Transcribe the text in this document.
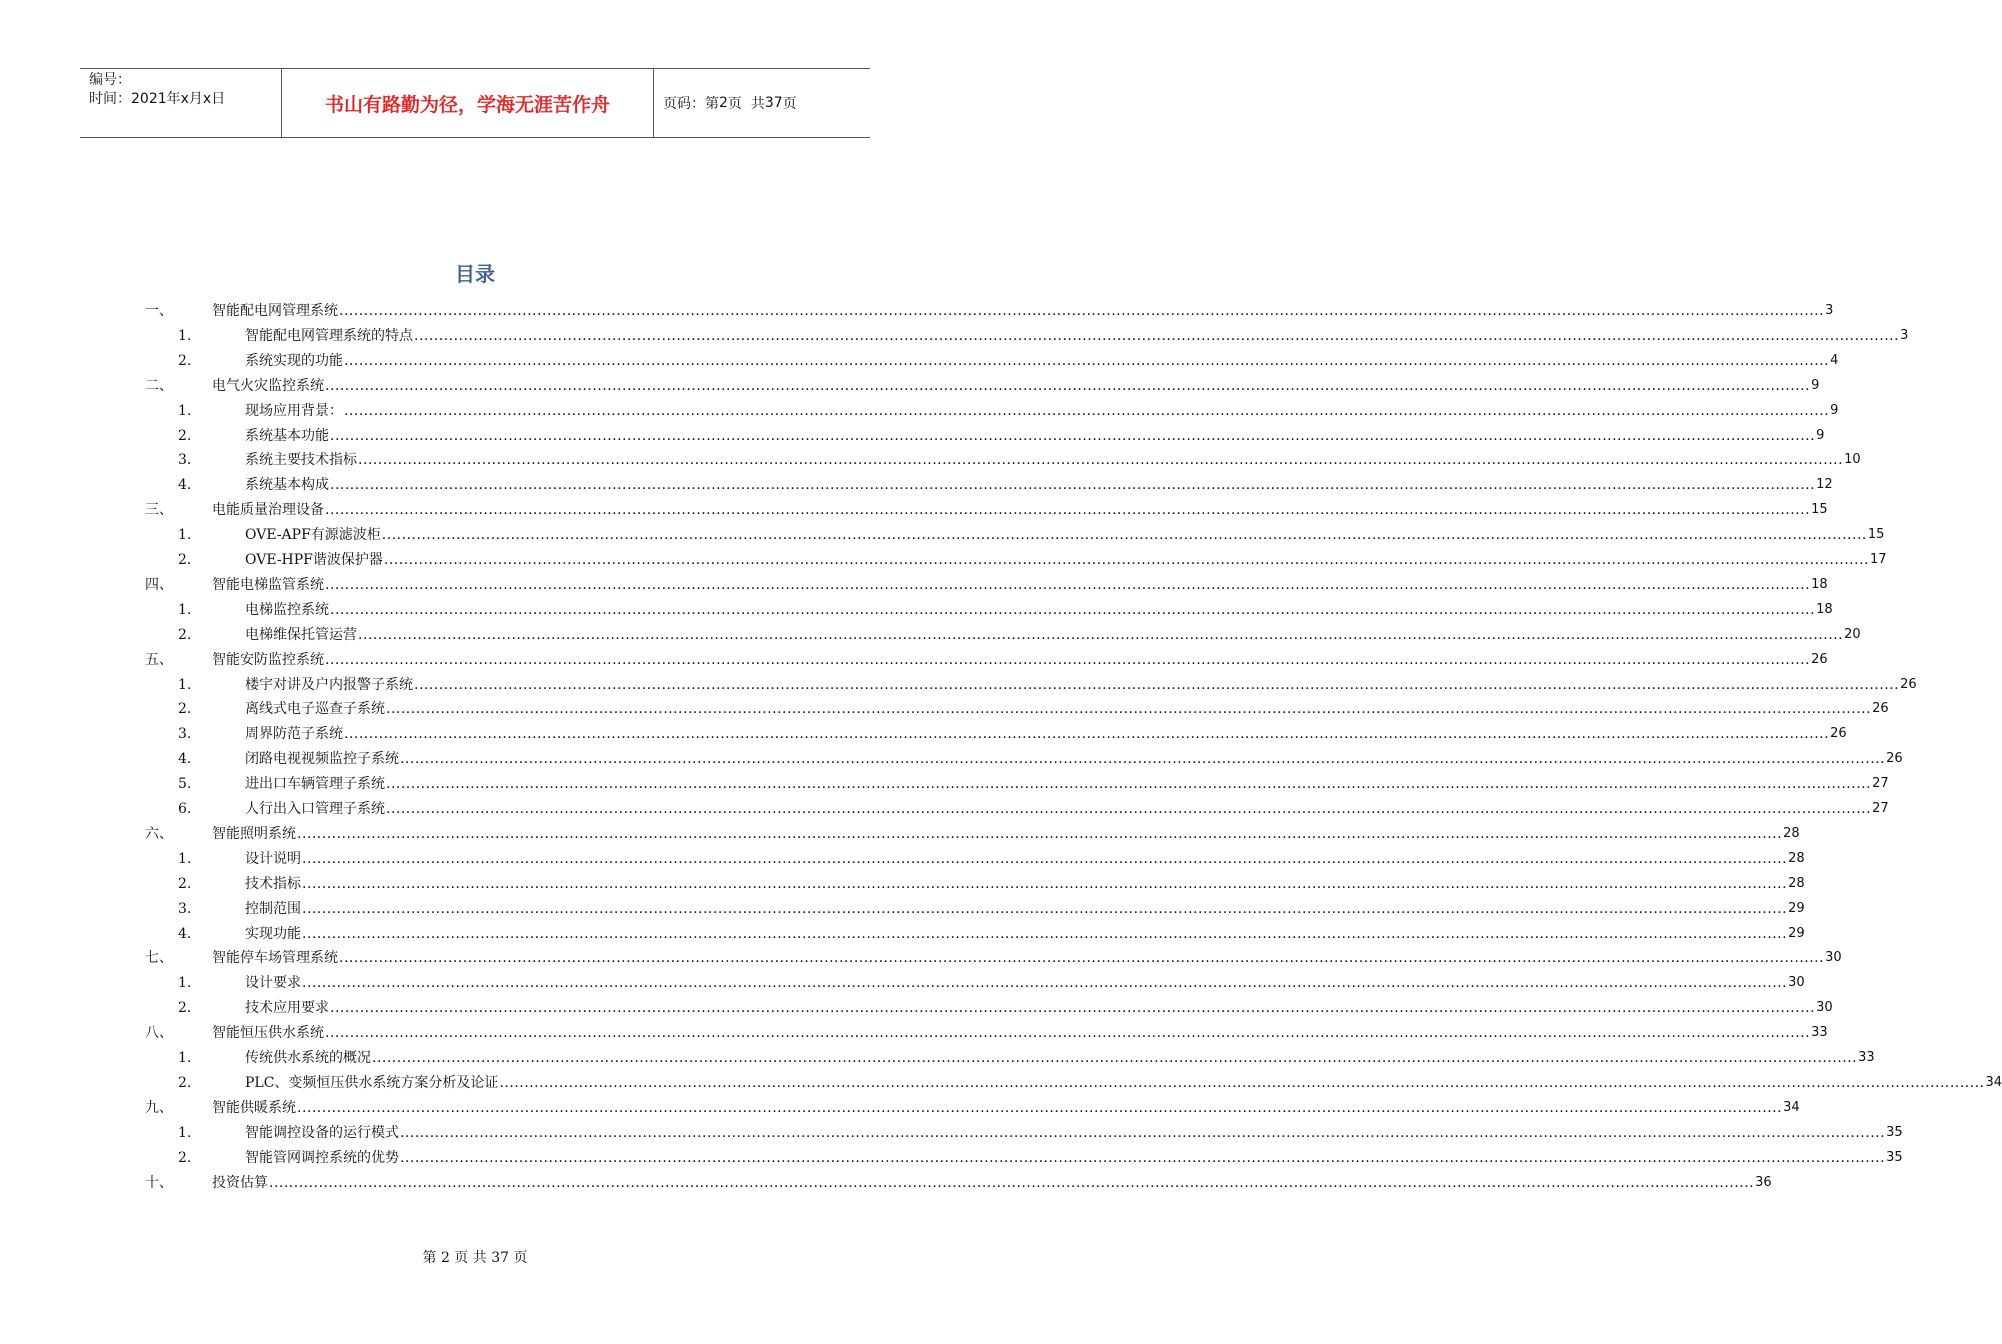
编号：
时间：2021年x月x日	书山有路勤为径，学海无涯苦作舟	页码：第 2 页  共 37 页
目录
一、	智能配电网管理系统 ............................................................................................................................................................................................................................................................................................................ 3
1.	智能配电网管理系统的特点 ............................................................................................................................................................................................................................................................................................................ 3
2.	系统实现的功能 ............................................................................................................................................................................................................................................................................................................ 4
二、	电气火灾监控系统 ............................................................................................................................................................................................................................................................................................................ 9
1.	现场应用背景： ............................................................................................................................................................................................................................................................................................................ 9
2.	系统基本功能 ............................................................................................................................................................................................................................................................................................................ 9
3.	系统主要技术指标 ............................................................................................................................................................................................................................................................................................................ 10
4.	系统基本构成 ............................................................................................................................................................................................................................................................................................................ 12
三、	电能质量治理设备 ............................................................................................................................................................................................................................................................................................................ 15
1.	OVE-APF有源滤波柜 ............................................................................................................................................................................................................................................................................................................ 15
2.	OVE-HPF谐波保护器 ............................................................................................................................................................................................................................................................................................................ 17
四、	智能电梯监管系统 ............................................................................................................................................................................................................................................................................................................ 18
1.	电梯监控系统 ............................................................................................................................................................................................................................................................................................................ 18
2.	电梯维保托管运营 ............................................................................................................................................................................................................................................................................................................ 20
五、	智能安防监控系统 ............................................................................................................................................................................................................................................................................................................ 26
1.	楼宇对讲及户内报警子系统 ............................................................................................................................................................................................................................................................................................................ 26
2.	离线式电子巡查子系统 ............................................................................................................................................................................................................................................................................................................ 26
3.	周界防范子系统 ............................................................................................................................................................................................................................................................................................................ 26
4.	闭路电视视频监控子系统 ............................................................................................................................................................................................................................................................................................................ 26
5.	进出口车辆管理子系统 ............................................................................................................................................................................................................................................................................................................ 27
6.	人行出入口管理子系统 ............................................................................................................................................................................................................................................................................................................ 27
六、	智能照明系统 ............................................................................................................................................................................................................................................................................................................ 28
1.	设计说明 ............................................................................................................................................................................................................................................................................................................ 28
2.	技术指标 ............................................................................................................................................................................................................................................................................................................ 28
3.	控制范围 ............................................................................................................................................................................................................................................................................................................ 29
4.	实现功能 ............................................................................................................................................................................................................................................................................................................ 29
七、	智能停车场管理系统 ............................................................................................................................................................................................................................................................................................................ 30
1.	设计要求 ............................................................................................................................................................................................................................................................................................................ 30
2.	技术应用要求 ............................................................................................................................................................................................................................................................................................................ 30
八、	智能恒压供水系统 ............................................................................................................................................................................................................................................................................................................ 33
1.	传统供水系统的概况 ............................................................................................................................................................................................................................................................................................................ 33
2.	PLC、变频恒压供水系统方案分析及论证 ............................................................................................................................................................................................................................................................................................................ 34
九、	智能供暖系统 ............................................................................................................................................................................................................................................................................................................ 34
1.	智能调控设备的运行模式 ............................................................................................................................................................................................................................................................................................................ 35
2.	智能管网调控系统的优势 ............................................................................................................................................................................................................................................................................................................ 35
十、	投资估算 ............................................................................................................................................................................................................................................................................................................ 36
第 2 页 共 37 页
